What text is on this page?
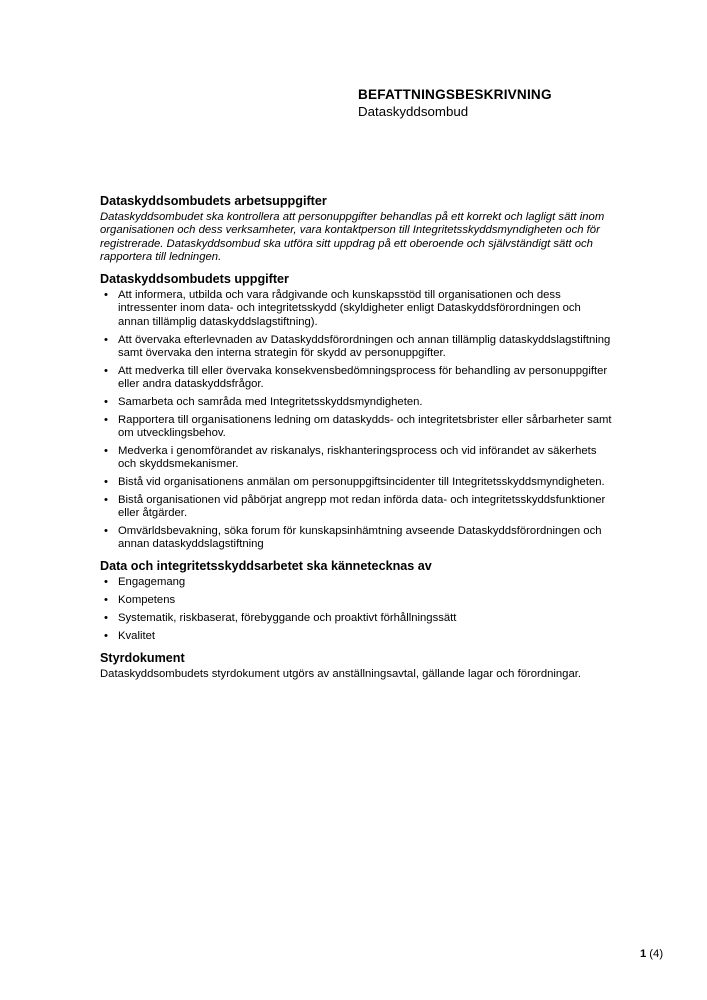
BEFATTNINGSBESKRIVNING
Dataskyddsombud
Dataskyddsombudets arbetsuppgifter

Dataskyddsombudet ska kontrollera att personuppgifter behandlas på ett korrekt och lagligt sätt inom organisationen och dess verksamheter, vara kontaktperson till Integritetsskyddsmyndigheten och för registrerade. Dataskyddsombud ska utföra sitt uppdrag på ett oberoende och självständigt sätt och rapportera till ledningen.

Dataskyddsombudets uppgifter
• Att informera, utbilda och vara rådgivande och kunskapsstöd till organisationen och dess intressenter inom data- och integritetsskydd (skyldigheter enligt Dataskyddsförordningen och annan tillämplig dataskyddslagstiftning).
• Att övervaka efterlevnaden av Dataskyddsförordningen och annan tillämplig dataskyddslagstiftning samt övervaka den interna strategin för skydd av personuppgifter.
• Att medverka till eller övervaka konsekvensbedömningsprocess för behandling av personuppgifter eller andra dataskyddsfrågor.
• Samarbeta och samråda med Integritetsskyddsmyndigheten.
• Rapportera till organisationens ledning om dataskydds- och integritetsbrister eller sårbarheter samt om utvecklingsbehov.
• Medverka i genomförandet av riskanalys, riskhanteringsprocess och vid införandet av säkerhets och skyddsmekanismer.
• Bistå vid organisationens anmälan om personuppgiftsincidenter till Integritetsskyddsmyndigheten.
• Bistå organisationen vid påbörjat angrepp mot redan införda data- och integritetsskyddsfunktioner eller åtgärder.
• Omvärldsbevakning, söka forum för kunskapsinhämtning avseende Dataskyddsförordningen och annan dataskyddslagstiftning
Data och integritetsskyddsarbetet ska kännetecknas av
• Engagemang
• Kompetens
• Systematik, riskbaserat, förebyggande och proaktivt förhållningssätt
• Kvalitet
Styrdokument

Dataskyddsombudets styrdokument utgörs av anställningsavtal, gällande lagar och förordningar.

1 (4)
